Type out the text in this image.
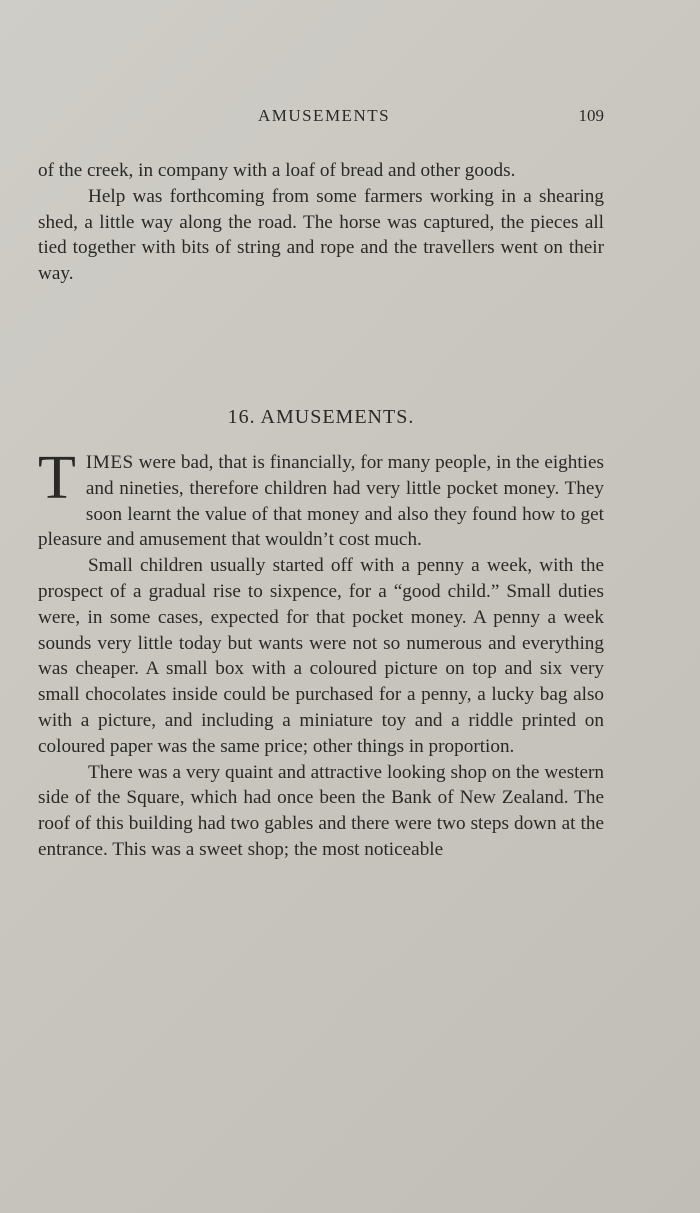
AMUSEMENTS	109

of the creek, in company with a loaf of bread and other goods.

Help was forthcoming from some farmers working in a shearing shed, a little way along the road. The horse was captured, the pieces all tied together with bits of string and rope and the travellers went on their way.

16. AMUSEMENTS.

TIMES were bad, that is financially, for many people, in the eighties and nineties, therefore children had very little pocket money. They soon learnt the value of that money and also they found how to get pleasure and amusement that wouldn’t cost much.

Small children usually started off with a penny a week, with the prospect of a gradual rise to sixpence, for a “good child.” Small duties were, in some cases, expected for that pocket money. A penny a week sounds very little today but wants were not so numerous and everything was cheaper. A small box with a coloured picture on top and six very small chocolates inside could be purchased for a penny, a lucky bag also with a picture, and including a miniature toy and a riddle printed on coloured paper was the same price; other things in proportion.

There was a very quaint and attractive looking shop on the western side of the Square, which had once been the Bank of New Zealand. The roof of this building had two gables and there were two steps down at the entrance. This was a sweet shop; the most noticeable
